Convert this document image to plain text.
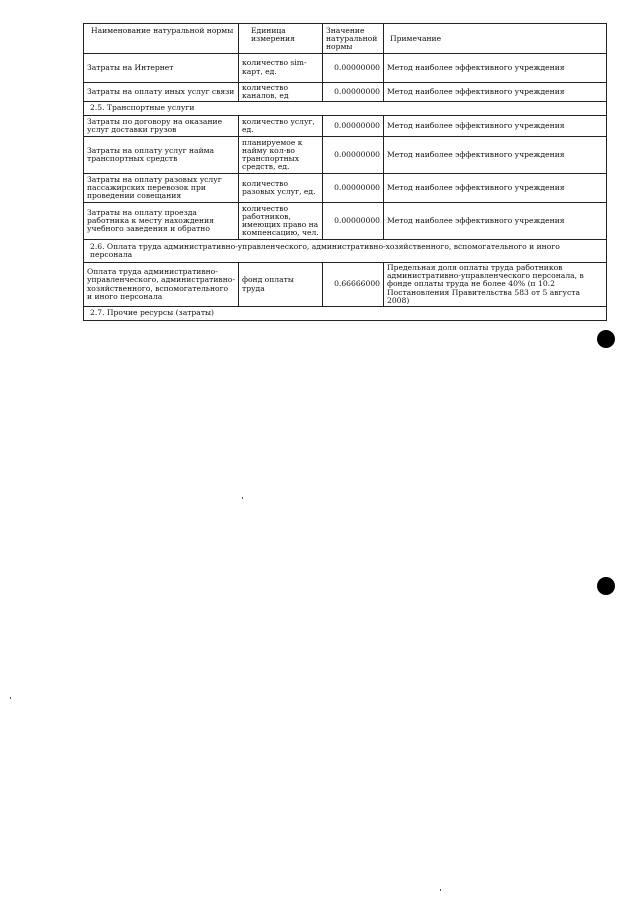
Наименование натуральной нормы	Единица измерения	Значение натуральной нормы	Примечание
Затраты на Интернет	количество sim-карт, ед.	0.00000000	Метод наиболее эффективного учреждения
Затраты на оплату иных услуг связи	количество каналов, ед	0.00000000	Метод наиболее эффективного учреждения
2.5. Транспортные услуги			
Затраты по договору на оказание услуг доставки грузов	количество услуг, ед.	0.00000000	Метод наиболее эффективного учреждения
Затраты на оплату услуг найма транспортных средств	планируемое к найму кол-во транспортных средств, ед.	0.00000000	Метод наиболее эффективного учреждения
Затраты на оплату разовых услуг пассажирских перевозок при проведении совещания	количество разовых услуг, ед.	0.00000000	Метод наиболее эффективного учреждения
Затраты на оплату проезда работника к месту нахождения учебного заведения и обратно	количество работников, имеющих право на компенсацию, чел.	0.00000000	Метод наиболее эффективного учреждения
2.6. Оплата труда административно-управленческого, административно-хозяйственного, вспомогательного и иного персонала			
Оплата труда административно-управленческого, административно-хозяйственного, вспомогательного и иного персонала	фонд оплаты труда	0.66666000	Предельная доля оплаты труда работников административно-управленческого персонала, в фонде оплаты труда не более 40% (п 10.2 Постановления Правительства 583 от 5 августа 2008)
2.7. Прочие ресурсы (затраты)			
